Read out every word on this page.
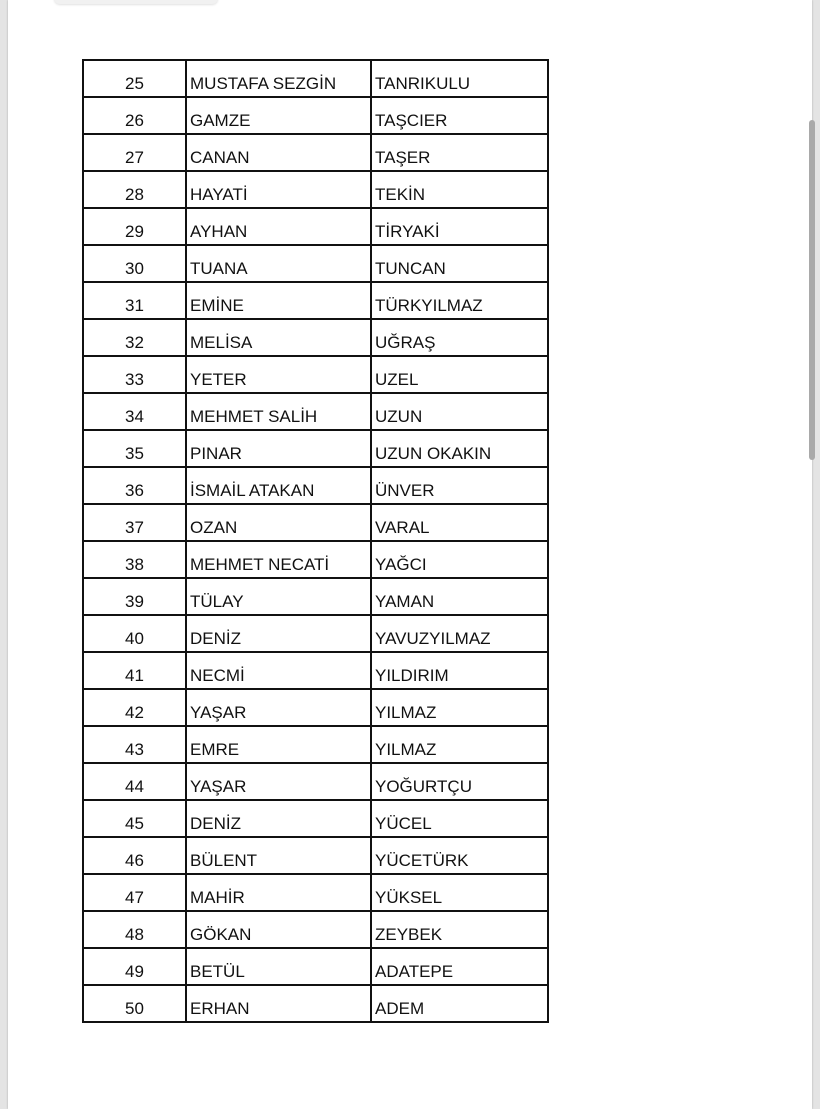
25	MUSTAFA SEZGİN	TANRIKULU
26	GAMZE	TAŞCIER
27	CANAN	TAŞER
28	HAYATİ	TEKİN
29	AYHAN	TİRYAKİ
30	TUANA	TUNCAN
31	EMİNE	TÜRKYILMAZ
32	MELİSA	UĞRAŞ
33	YETER	UZEL
34	MEHMET SALİH	UZUN
35	PINAR	UZUN OKAKIN
36	İSMAİL ATAKAN	ÜNVER
37	OZAN	VARAL
38	MEHMET NECATİ	YAĞCI
39	TÜLAY	YAMAN
40	DENİZ	YAVUZYILMAZ
41	NECMİ	YILDIRIM
42	YAŞAR	YILMAZ
43	EMRE	YILMAZ
44	YAŞAR	YOĞURTÇU
45	DENİZ	YÜCEL
46	BÜLENT	YÜCETÜRK
47	MAHİR	YÜKSEL
48	GÖKAN	ZEYBEK
49	BETÜL	ADATEPE
50	ERHAN	ADEM
